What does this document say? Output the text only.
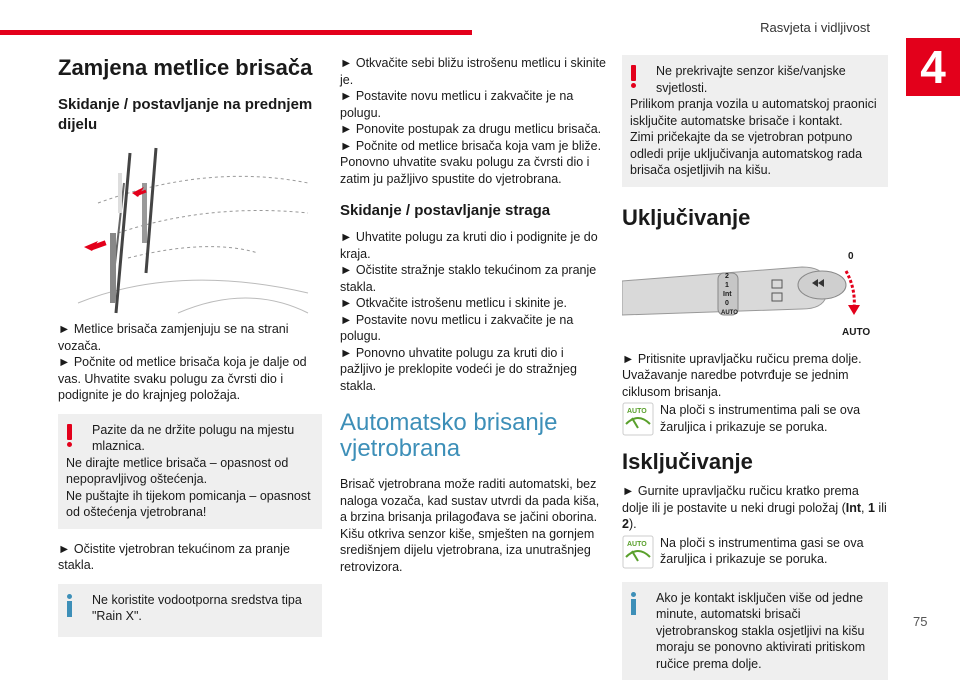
Rasvjeta i vidljivost
4
Zamjena metlice brisača
Skidanje / postavljanje na prednjem dijelu

► Metlice brisača zamjenjuju se na strani vozača.
► Počnite od metlice brisača koja je dalje od vas. Uhvatite svaku polugu za čvrsti dio i podignite je do krajnjeg položaja.

Pazite da ne držite polugu na mjestu mlaznica.
Ne dirajte metlice brisača – opasnost od nepopravljivog oštećenja.
Ne puštajte ih tijekom pomicanja – opasnost od oštećenja vjetrobrana!

► Očistite vjetrobran tekućinom za pranje stakla.

Ne koristite vodootporna sredstva tipa "Rain X".

► Otkvačite sebi bližu istrošenu metlicu i skinite je.
► Postavite novu metlicu i zakvačite je na polugu.
► Ponovite postupak za drugu metlicu brisača.
► Počnite od metlice brisača koja vam je bliže.
Ponovno uhvatite svaku polugu za čvrsti dio i zatim ju pažljivo spustite do vjetrobrana.

Skidanje / postavljanje straga

► Uhvatite polugu za kruti dio i podignite je do kraja.
► Očistite stražnje staklo tekućinom za pranje stakla.
► Otkvačite istrošenu metlicu i skinite je.
► Postavite novu metlicu i zakvačite je na polugu.
► Ponovno uhvatite polugu za kruti dio i pažljivo je preklopite vodeći je do stražnjeg stakla.

Automatsko brisanje vjetrobrana

Brisač vjetrobrana može raditi automatski, bez naloga vozača, kad sustav utvrdi da pada kiša, a brzina brisanja prilagođava se jačini oborina.
Kišu otkriva senzor kiše, smješten na gornjem središnjem dijelu vjetrobrana, iza unutrašnjeg retrovizora.

Ne prekrivajte senzor kiše/vanjske svjetlosti.
Prilikom pranja vozila u automatskoj praonici isključite automatske brisače i kontakt.
Zimi pričekajte da se vjetrobran potpuno odledi prije uključivanja automatskog rada brisača osjetljivih na kišu.
Uključivanje
0
AUTO
2
1
Int
0
AUTO

► Pritisnite upravljačku ručicu prema dolje.
Uvažavanje naredbe potvrđuje se jednim ciklusom brisanja.

AUTO Na ploči s instrumentima pali se ova žaruljica i prikazuje se poruka.
Isključivanje

► Gurnite upravljačku ručicu kratko prema dolje ili je postavite u neki drugi položaj (Int, 1 ili 2).

AUTO Na ploči s instrumentima gasi se ova žaruljica i prikazuje se poruka.
Ako je kontakt isključen više od jedne minute, automatski brisači vjetrobranskog stakla osjetljivi na kišu moraju se ponovno aktivirati pritiskom ručice prema dolje.
75
